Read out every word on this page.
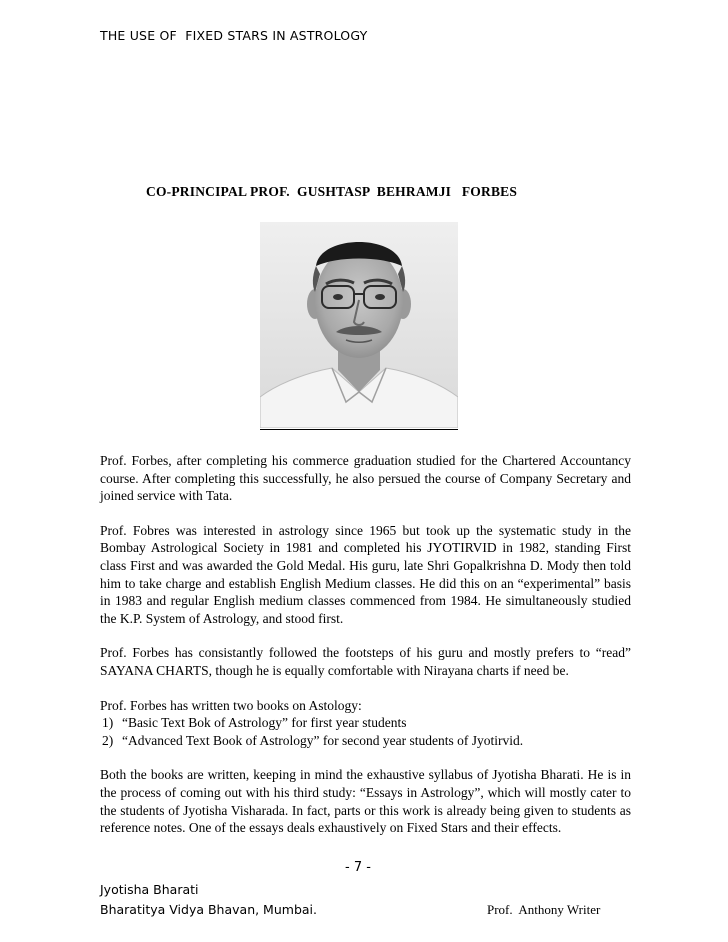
THE USE OF  FIXED STARS IN ASTROLOGY
CO-PRINCIPAL PROF.  GUSHTASP  BEHRAMJI   FORBES

Prof. Forbes, after completing his commerce graduation studied for the Chartered Accountancy course. After completing this successfully, he also persued the course of Company Secretary and joined service with Tata.

Prof. Fobres was interested in astrology since 1965 but took up the systematic study in the Bombay Astrological Society in 1981 and completed his JYOTIRVID in 1982, standing First class First and was awarded the Gold Medal. His guru, late Shri Gopalkrishna D. Mody then told him to take charge and establish English Medium classes. He did this on an “experimental” basis in 1983 and regular English medium classes commenced from 1984. He simultaneously studied the K.P. System of Astrology, and stood first.

Prof. Forbes has consistantly followed the footsteps of his guru and mostly prefers to “read” SAYANA CHARTS, though he is equally comfortable with Nirayana charts if need be.

Prof. Forbes has written two books on Astology:

1) “Basic Text Bok of Astrology” for first year students
2) “Advanced Text Book of Astrology” for second year students of Jyotirvid.

Both the books are written, keeping in mind the exhaustive syllabus of Jyotisha Bharati. He is in the process of coming out with his third study: “Essays in Astrology”, which will mostly cater to the students of Jyotisha Visharada. In fact, parts or this work is already being given to students as reference notes. One of the essays deals exhaustively on Fixed Stars and their effects.

- 7 -
Jyotisha Bharati
Bharatitya Vidya Bhavan, Mumbai.	Prof.  Anthony Writer
